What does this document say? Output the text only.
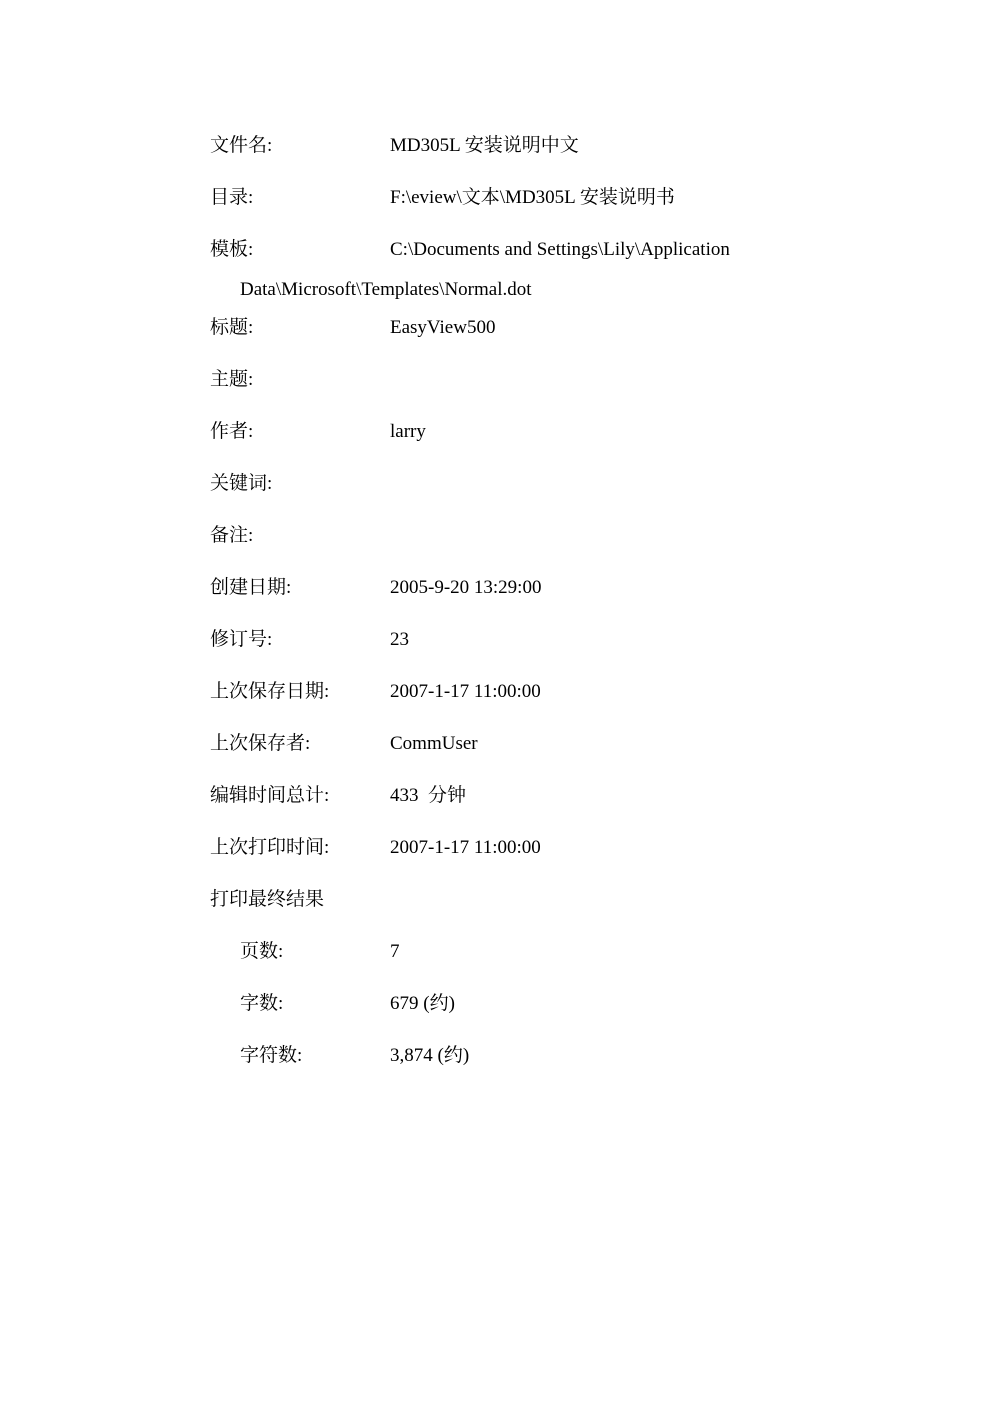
文件名:	MD305L 安装说明中文
目录:	F:\eview\文本\MD305L 安装说明书
模板:	C:\Documents and Settings\Lily\Application
Data\Microsoft\Templates\Normal.dot
标题:	EasyView500
主题:
作者:	larry
关键词:
备注:
创建日期:	2005-9-20 13:29:00
修订号:	23
上次保存日期:	2007-1-17 11:00:00
上次保存者:	CommUser
编辑时间总计:	433  分钟
上次打印时间:	2007-1-17 11:00:00
打印最终结果
页数:	7
字数:	679 (约)
字符数:	3,874 (约)
